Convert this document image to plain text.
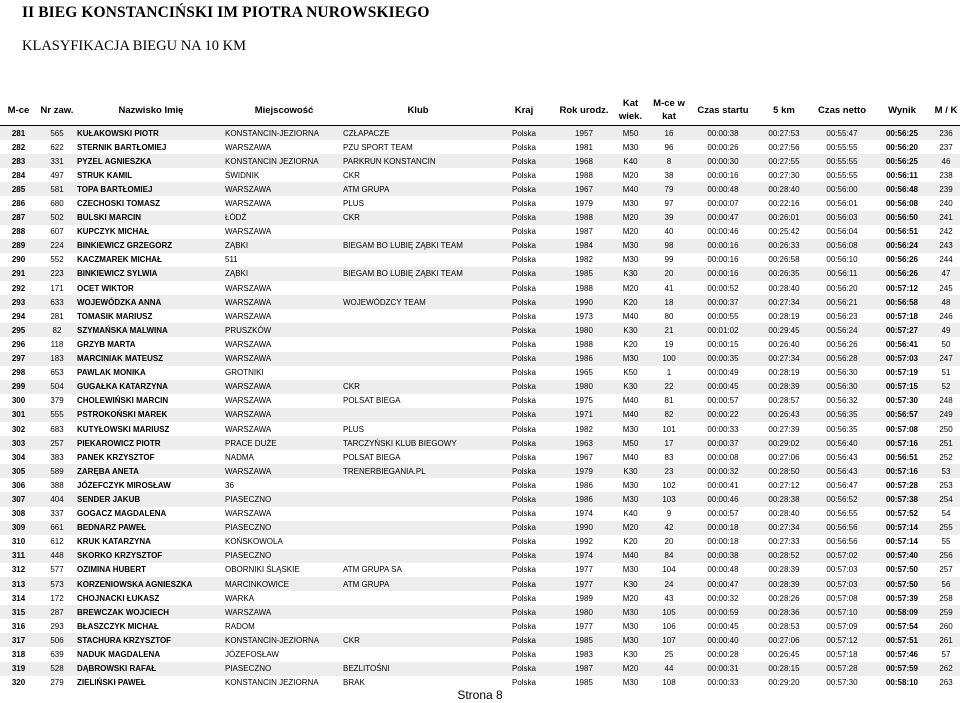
II BIEG KONSTANCIŃSKI IM PIOTRA NUROWSKIEGO
KLASYFIKACJA BIEGU NA 10 KM
M-ce	Nr zaw.	Nazwisko Imię	Miejscowość	Klub	Kraj	Rok urodz.	Kat wiek.	M-ce w kat	Czas startu	5 km	Czas netto	Wynik	M / K
281	565	KUŁAKOWSKI PIOTR	KONSTANCIN-JEZIORNA	CZŁAPACZE	Polska	1957	M50	16	00:00:38	00:27:53	00:55:47	00:56:25	236
282	622	STERNIK BARTŁOMIEJ	WARSZAWA	PZU SPORT TEAM	Polska	1981	M30	96	00:00:26	00:27:56	00:55:55	00:56:20	237
283	331	PYZEL AGNIESZKA	KONSTANCIN JEZIORNA	PARKRUN KONSTANCIN	Polska	1968	K40	8	00:00:30	00:27:55	00:55:55	00:56:25	46
284	497	STRUK KAMIL	ŚWIDNIK	CKR	Polska	1988	M20	38	00:00:16	00:27:30	00:55:55	00:56:11	238
285	581	TOPA BARTŁOMIEJ	WARSZAWA	ATM GRUPA	Polska	1967	M40	79	00:00:48	00:28:40	00:56:00	00:56:48	239
286	680	CZECHOSKI TOMASZ	WARSZAWA	PLUS	Polska	1979	M30	97	00:00:07	00:22:16	00:56:01	00:56:08	240
287	502	BULSKI MARCIN	ŁÓDŹ	CKR	Polska	1988	M20	39	00:00:47	00:26:01	00:56:03	00:56:50	241
288	607	KUPCZYK MICHAŁ	WARSZAWA		Polska	1987	M20	40	00:00:46	00:25:42	00:56:04	00:56:51	242
289	224	BINKIEWICZ GRZEGORZ	ZĄBKI	BIEGAM BO LUBIĘ ZĄBKI TEAM	Polska	1984	M30	98	00:00:16	00:26:33	00:56:08	00:56:24	243
290	552	KACZMAREK MICHAŁ	511		Polska	1982	M30	99	00:00:16	00:26:58	00:56:10	00:56:26	244
291	223	BINKIEWICZ SYLWIA	ZĄBKI	BIEGAM BO LUBIĘ ZĄBKI TEAM	Polska	1985	K30	20	00:00:16	00:26:35	00:56:11	00:56:26	47
292	171	OCET WIKTOR	WARSZAWA		Polska	1988	M20	41	00:00:52	00:28:40	00:56:20	00:57:12	245
293	633	WOJEWÓDZKA ANNA	WARSZAWA	WOJEWÓDZCY TEAM	Polska	1990	K20	18	00:00:37	00:27:34	00:56:21	00:56:58	48
294	281	TOMASIK MARIUSZ	WARSZAWA		Polska	1973	M40	80	00:00:55	00:28:19	00:56:23	00:57:18	246
295	82	SZYMAŃSKA MALWINA	PRUSZKÓW		Polska	1980	K30	21	00:01:02	00:29:45	00:56:24	00:57:27	49
296	118	GRZYB MARTA	WARSZAWA		Polska	1988	K20	19	00:00:15	00:26:40	00:56:26	00:56:41	50
297	183	MARCINIAK MATEUSZ	WARSZAWA		Polska	1986	M30	100	00:00:35	00:27:34	00:56:28	00:57:03	247
298	653	PAWLAK MONIKA	GROTNIKI		Polska	1965	K50	1	00:00:49	00:28:19	00:56:30	00:57:19	51
299	504	GUGAŁKA KATARZYNA	WARSZAWA	CKR	Polska	1980	K30	22	00:00:45	00:28:39	00:56:30	00:57:15	52
300	379	CHOLEWIŃSKI MARCIN	WARSZAWA	POLSAT BIEGA	Polska	1975	M40	81	00:00:57	00:28:57	00:56:32	00:57:30	248
301	555	PSTROKOŃSKI MAREK	WARSZAWA		Polska	1971	M40	82	00:00:22	00:26:43	00:56:35	00:56:57	249
302	683	KUTYŁOWSKI MARIUSZ	WARSZAWA	PLUS	Polska	1982	M30	101	00:00:33	00:27:39	00:56:35	00:57:08	250
303	257	PIEKAROWICZ PIOTR	PRACE DUŻE	TARCZYŃSKI KLUB BIEGOWY	Polska	1963	M50	17	00:00:37	00:29:02	00:56:40	00:57:16	251
304	383	PANEK KRZYSZTOF	NADMA	POLSAT BIEGA	Polska	1967	M40	83	00:00:08	00:27:06	00:56:43	00:56:51	252
305	589	ZARĘBA ANETA	WARSZAWA	TRENERBIEGANIA.PL	Polska	1979	K30	23	00:00:32	00:28:50	00:56:43	00:57:16	53
306	388	JÓZEFCZYK MIROSŁAW	36		Polska	1986	M30	102	00:00:41	00:27:12	00:56:47	00:57:28	253
307	404	SENDER JAKUB	PIASECZNO		Polska	1986	M30	103	00:00:46	00:28:38	00:56:52	00:57:38	254
308	337	GOGACZ MAGDALENA	WARSZAWA		Polska	1974	K40	9	00:00:57	00:28:40	00:56:55	00:57:52	54
309	661	BEDNARZ PAWEŁ	PIASECZNO		Polska	1990	M20	42	00:00:18	00:27:34	00:56:56	00:57:14	255
310	612	KRUK KATARZYNA	KOŃSKOWOLA		Polska	1992	K20	20	00:00:18	00:27:33	00:56:56	00:57:14	55
311	448	SKORKO KRZYSZTOF	PIASECZNO		Polska	1974	M40	84	00:00:38	00:28:52	00:57:02	00:57:40	256
312	577	OZIMINA HUBERT	OBORNIKI ŚLĄSKIE	ATM GRUPA SA	Polska	1977	M30	104	00:00:48	00:28:39	00:57:03	00:57:50	257
313	573	KORZENIOWSKA AGNIESZKA	MARCINKOWICE	ATM GRUPA	Polska	1977	K30	24	00:00:47	00:28:39	00:57:03	00:57:50	56
314	172	CHOJNACKI ŁUKASZ	WARKA		Polska	1989	M20	43	00:00:32	00:28:26	00:57:08	00:57:39	258
315	287	BREWCZAK WOJCIECH	WARSZAWA		Polska	1980	M30	105	00:00:59	00:28:36	00:57:10	00:58:09	259
316	293	BŁASZCZYK MICHAŁ	RADOM		Polska	1977	M30	106	00:00:45	00:28:53	00:57:09	00:57:54	260
317	506	STACHURA KRZYSZTOF	KONSTANCIN-JEZIORNA	CKR	Polska	1985	M30	107	00:00:40	00:27:06	00:57:12	00:57:51	261
318	639	NADUK MAGDALENA	JÓZEFOSŁAW		Polska	1983	K30	25	00:00:28	00:26:45	00:57:18	00:57:46	57
319	528	DĄBROWSKI RAFAŁ	PIASECZNO	BEZLITOŚNI	Polska	1987	M20	44	00:00:31	00:28:15	00:57:28	00:57:59	262
320	279	ZIELIŃSKI PAWEŁ	KONSTANCIN JEZIORNA	BRAK	Polska	1985	M30	108	00:00:33	00:29:20	00:57:30	00:58:10	263
Strona 8
